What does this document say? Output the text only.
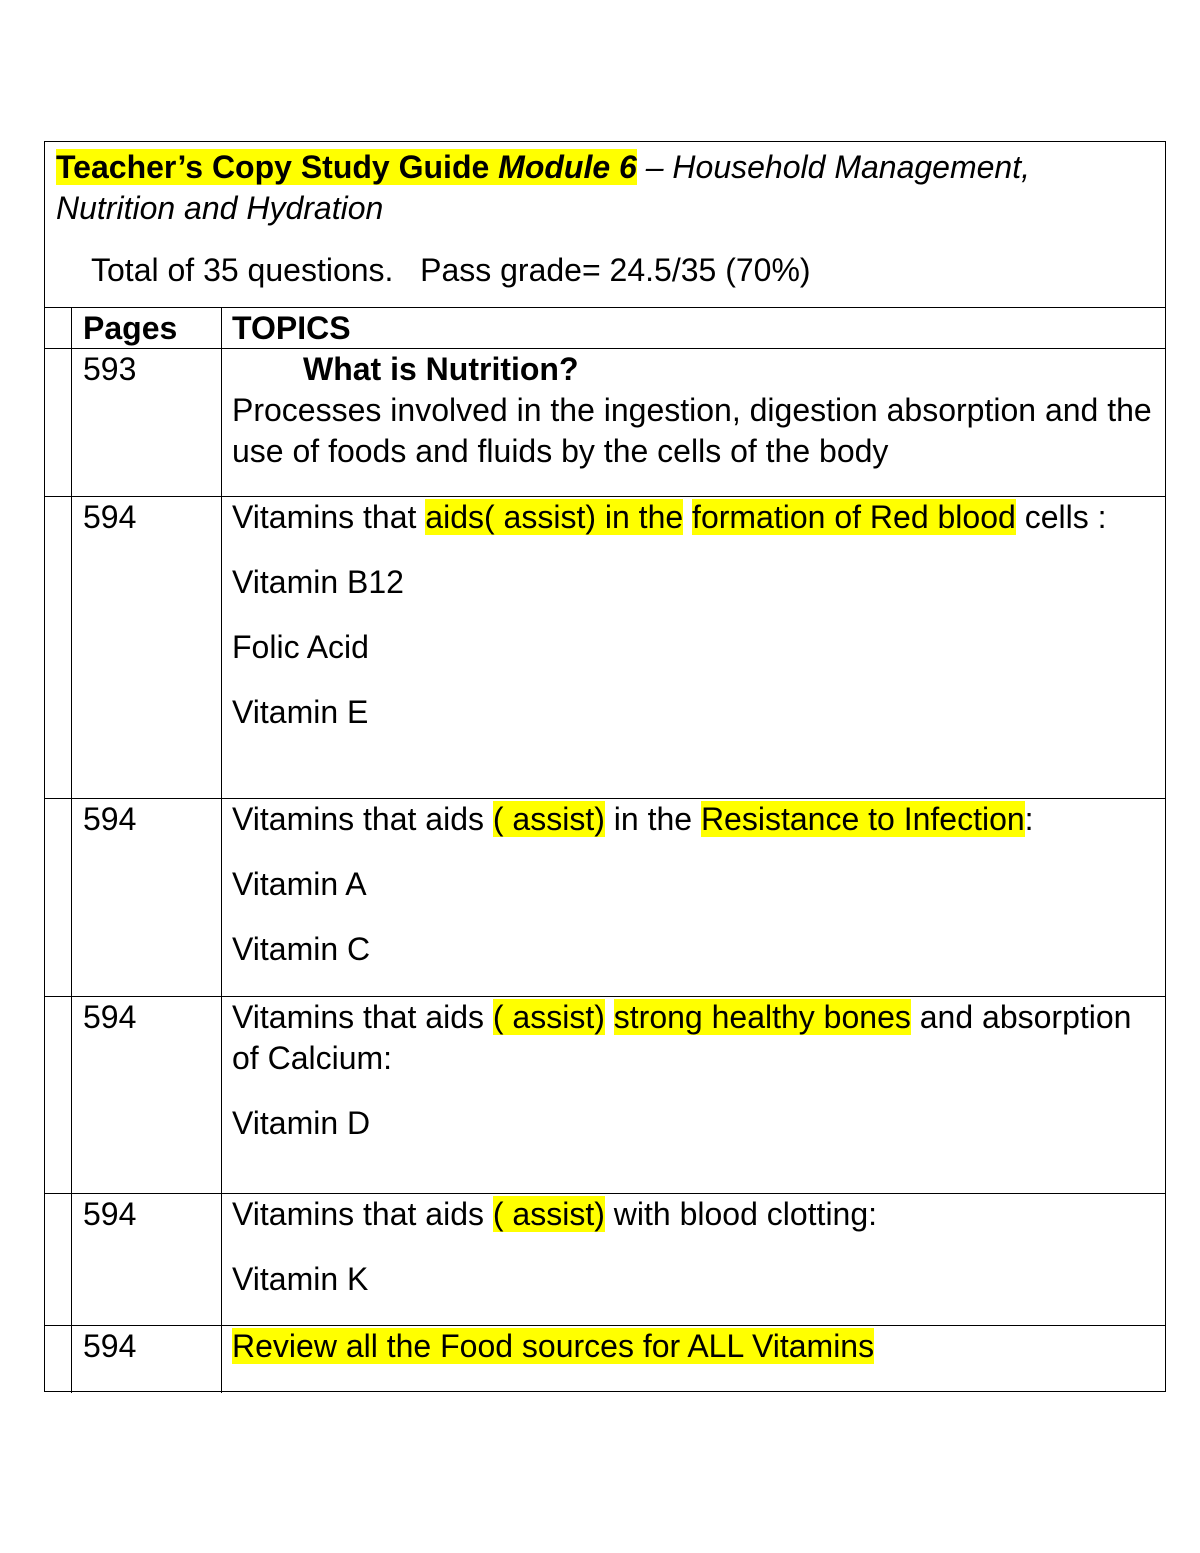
Teacher’s Copy Study Guide Module 6 – Household Management, Nutrition and Hydration
Total of 35 questions. Pass grade= 24.5/35 (70%)
Pages TOPICS
593	What is Nutrition?
Processes involved in the ingestion, digestion absorption and the use of foods and fluids by the cells of the body
594	Vitamins that aids( assist) in the formation of Red blood cells :
Vitamin B12
Folic Acid
Vitamin E
594	Vitamins that aids ( assist) in the Resistance to Infection:
Vitamin A
Vitamin C
594	Vitamins that aids ( assist) strong healthy bones and absorption of Calcium:
Vitamin D
594	Vitamins that aids ( assist) with blood clotting:
Vitamin K
594	Review all the Food sources for ALL Vitamins
